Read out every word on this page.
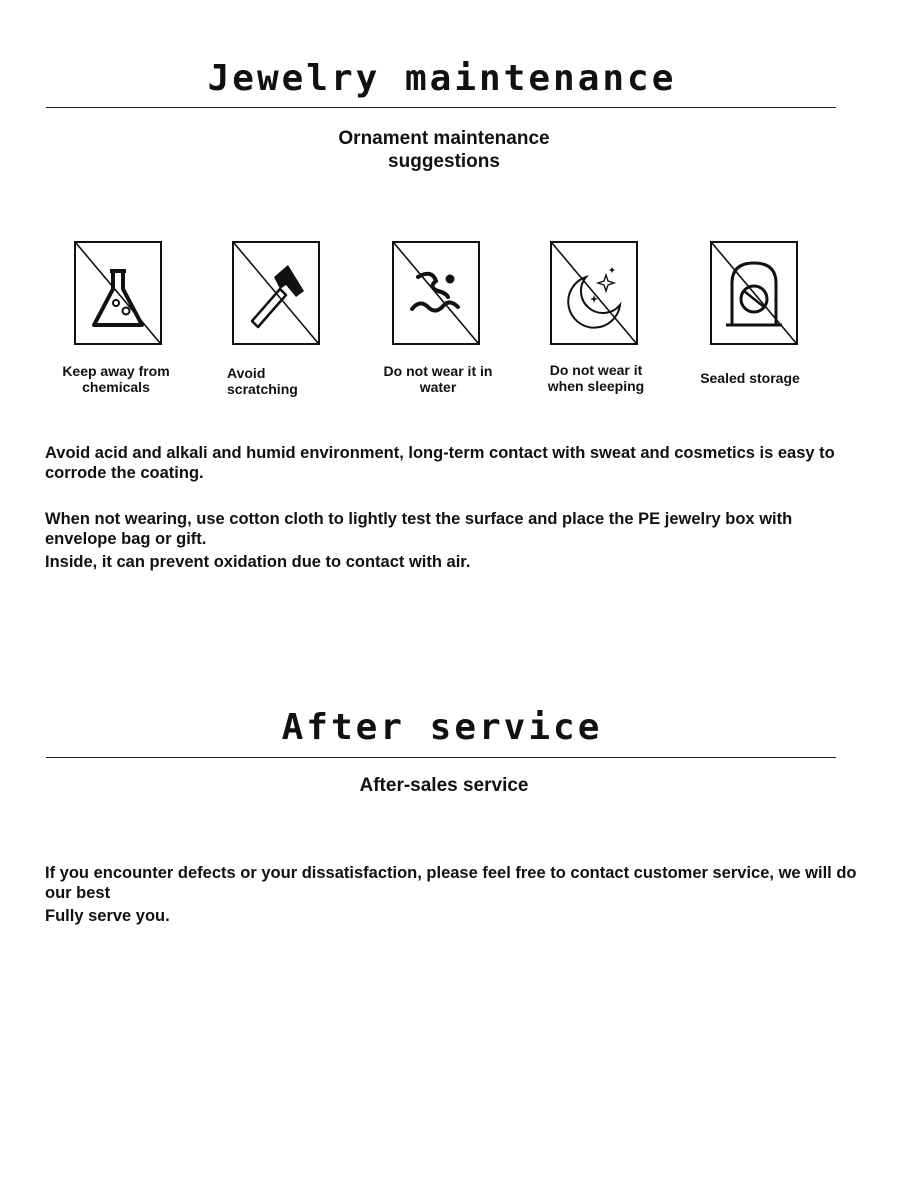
Jewelry maintenance
Ornament maintenance
suggestions
Keep away from
chemicals
Avoid
scratching
Do not wear it in
water
Do not wear it
when sleeping	Sealed storage

Avoid acid and alkali and humid environment, long-term contact with sweat and cosmetics is easy to corrode the coating.

When not wearing, use cotton cloth to lightly test the surface and place the PE jewelry box with envelope bag or gift.

Inside, it can prevent oxidation due to contact with air.

After service
After-sales service

If you encounter defects or your dissatisfaction, please feel free to contact customer service, we will do our best

Fully serve you.
